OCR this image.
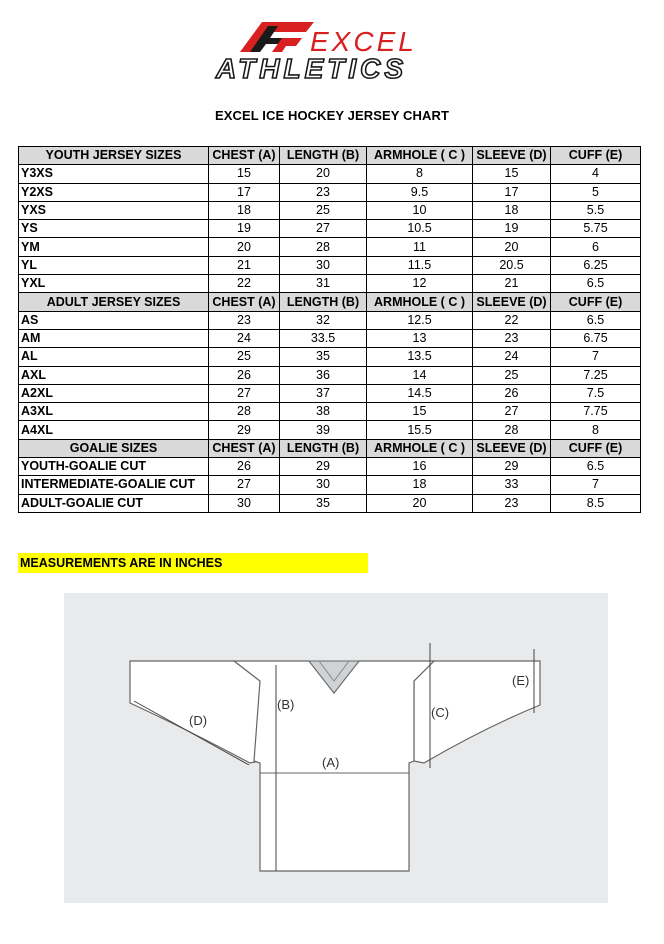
EXCEL
ATHLETICS
EXCEL ICE HOCKEY JERSEY CHART
YOUTH JERSEY SIZES	CHEST (A)	LENGTH (B)	ARMHOLE ( C )	SLEEVE (D)	CUFF (E)
Y3XS	15	20	8	15	4
Y2XS	17	23	9.5	17	5
YXS	18	25	10	18	5.5
YS	19	27	10.5	19	5.75
YM	20	28	11	20	6
YL	21	30	11.5	20.5	6.25
YXL	22	31	12	21	6.5
ADULT JERSEY SIZES	CHEST (A)	LENGTH (B)	ARMHOLE ( C )	SLEEVE (D)	CUFF (E)
AS	23	32	12.5	22	6.5
AM	24	33.5	13	23	6.75
AL	25	35	13.5	24	7
AXL	26	36	14	25	7.25
A2XL	27	37	14.5	26	7.5
A3XL	28	38	15	27	7.75
A4XL	29	39	15.5	28	8
GOALIE SIZES	CHEST (A)	LENGTH (B)	ARMHOLE ( C )	SLEEVE (D)	CUFF (E)
YOUTH-GOALIE CUT	26	29	16	29	6.5
INTERMEDIATE-GOALIE CUT	27	30	18	33	7
ADULT-GOALIE CUT	30	35	20	23	8.5
MEASUREMENTS ARE IN INCHES
(B)
(C)
(D)
(E)
(A)
